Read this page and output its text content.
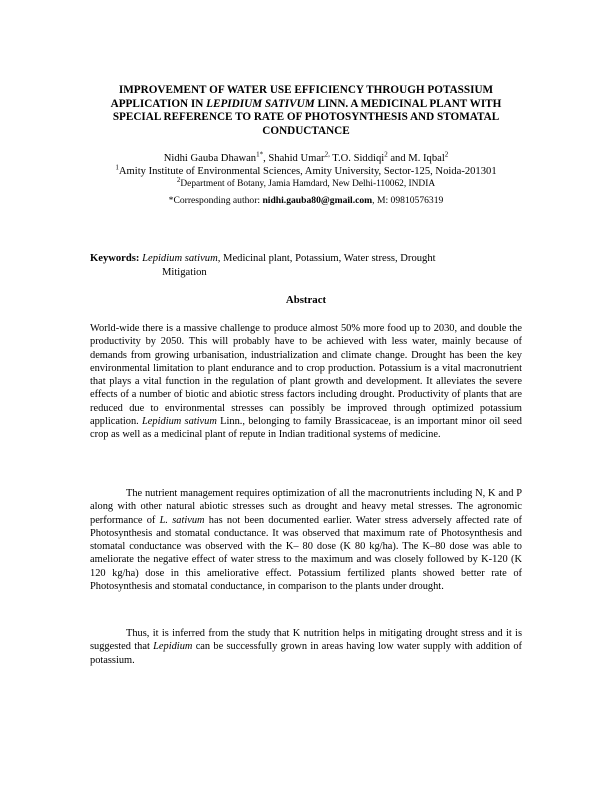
IMPROVEMENT OF WATER USE EFFICIENCY THROUGH POTASSIUM
APPLICATION IN LEPIDIUM SATIVUM LINN. A MEDICINAL PLANT WITH
SPECIAL REFERENCE TO RATE OF PHOTOSYNTHESIS AND STOMATAL
CONDUCTANCE
Nidhi Gauba Dhawan$^{1*}$, Shahid Umar$^{2,}$ T.O. Siddiqi$^2$ and M. Iqbal$^2$
$^1$Amity Institute of Environmental Sciences, Amity University, Sector-125, Noida-201301
$^2$Department of Botany, Jamia Hamdard, New Delhi-110062, INDIA
*Corresponding author: nidhi.gauba80@gmail.com, M: 09810576319
Keywords: Lepidium sativum, Medicinal plant, Potassium, Water stress, Drought
Mitigation
Abstract

World-wide there is a massive challenge to produce almost 50% more food up to 2030, and double the productivity by 2050. This will probably have to be achieved with less water, mainly because of demands from growing urbanisation, industrialization and climate change. Drought has been the key environmental limitation to plant endurance and to crop production. Potassium is a vital macronutrient that plays a vital function in the regulation of plant growth and development. It alleviates the severe effects of a number of biotic and abiotic stress factors including drought. Productivity of plants that are reduced due to environmental stresses can possibly be improved through optimized potassium application. Lepidium sativum Linn., belonging to family Brassicaceae, is an important minor oil seed crop as well as a medicinal plant of repute in Indian traditional systems of medicine.

The nutrient management requires optimization of all the macronutrients including N, K and P along with other natural abiotic stresses such as drought and heavy metal stresses. The agronomic performance of L. sativum has not been documented earlier. Water stress adversely affected rate of Photosynthesis and stomatal conductance. It was observed that maximum rate of Photosynthesis and stomatal conductance was observed with the K– 80 dose (K 80 kg/ha). The K–80 dose was able to ameliorate the negative effect of water stress to the maximum and was closely followed by K-120 (K 120 kg/ha) dose in this ameliorative effect. Potassium fertilized plants showed better rate of Photosynthesis and stomatal conductance, in comparison to the plants under drought.

Thus, it is inferred from the study that K nutrition helps in mitigating drought stress and it is suggested that Lepidium can be successfully grown in areas having low water supply with addition of potassium.
